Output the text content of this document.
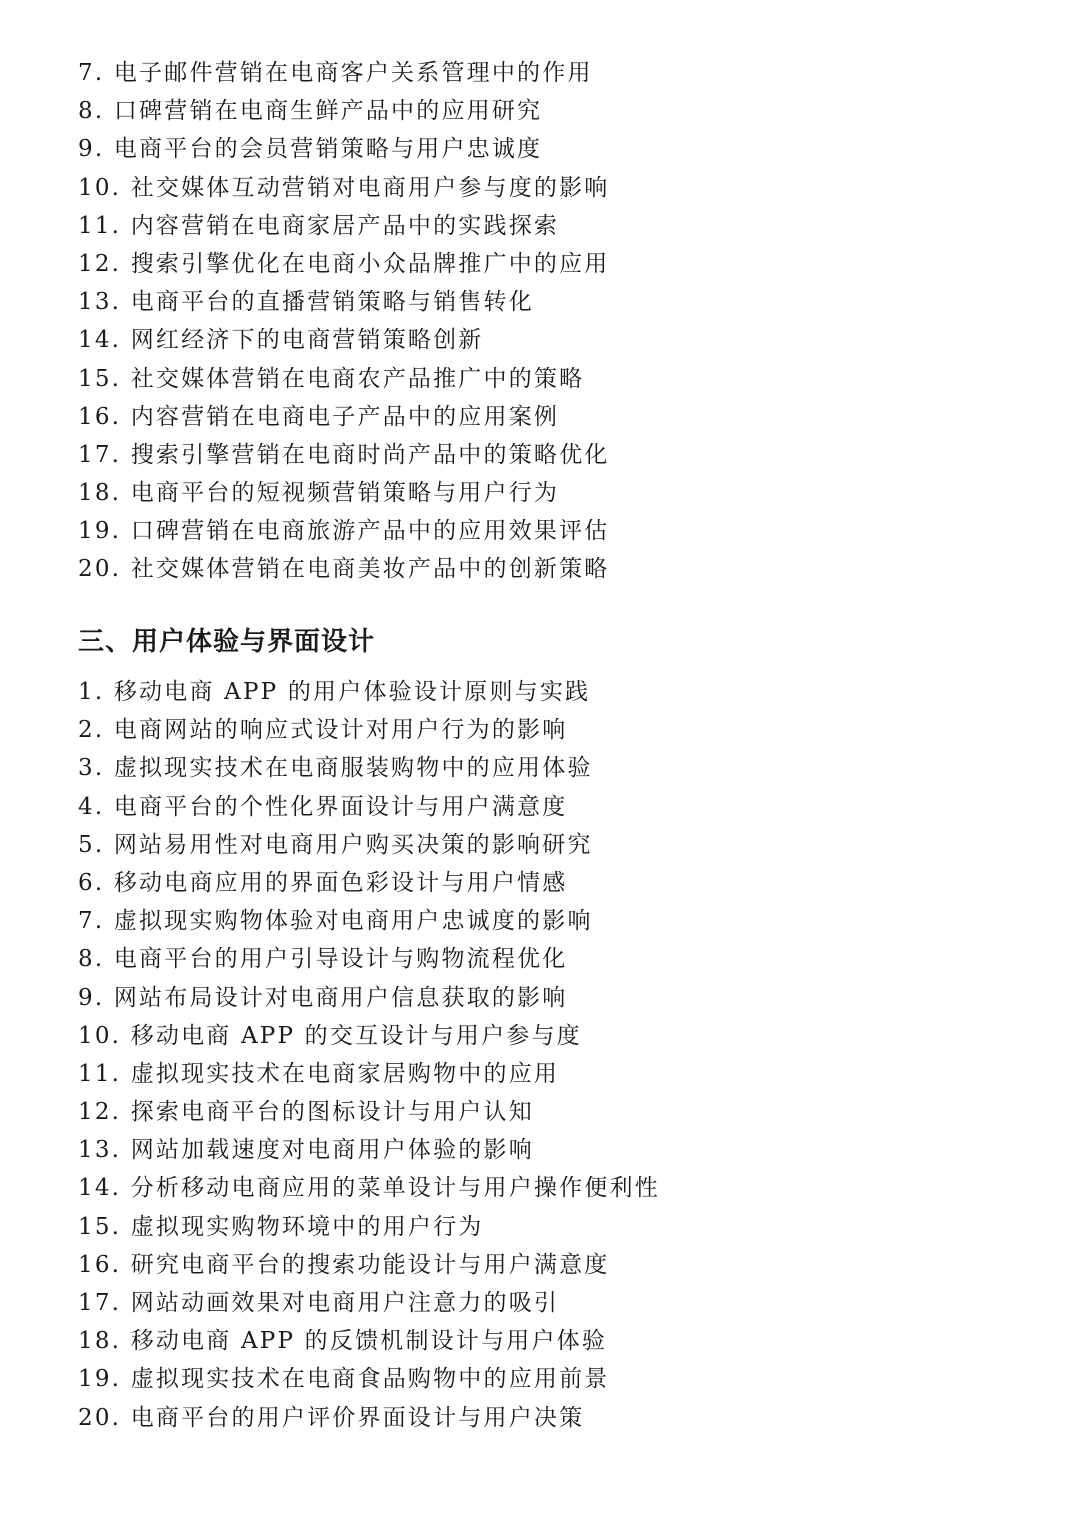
7. 电子邮件营销在电商客户关系管理中的作用
8. 口碑营销在电商生鲜产品中的应用研究
9. 电商平台的会员营销策略与用户忠诚度
10. 社交媒体互动营销对电商用户参与度的影响
11. 内容营销在电商家居产品中的实践探索
12. 搜索引擎优化在电商小众品牌推广中的应用
13. 电商平台的直播营销策略与销售转化
14. 网红经济下的电商营销策略创新
15. 社交媒体营销在电商农产品推广中的策略
16. 内容营销在电商电子产品中的应用案例
17. 搜索引擎营销在电商时尚产品中的策略优化
18. 电商平台的短视频营销策略与用户行为
19. 口碑营销在电商旅游产品中的应用效果评估
20. 社交媒体营销在电商美妆产品中的创新策略
三、用户体验与界面设计
1. 移动电商 APP 的用户体验设计原则与实践
2. 电商网站的响应式设计对用户行为的影响
3. 虚拟现实技术在电商服装购物中的应用体验
4. 电商平台的个性化界面设计与用户满意度
5. 网站易用性对电商用户购买决策的影响研究
6. 移动电商应用的界面色彩设计与用户情感
7. 虚拟现实购物体验对电商用户忠诚度的影响
8. 电商平台的用户引导设计与购物流程优化
9. 网站布局设计对电商用户信息获取的影响
10. 移动电商 APP 的交互设计与用户参与度
11. 虚拟现实技术在电商家居购物中的应用
12. 探索电商平台的图标设计与用户认知
13. 网站加载速度对电商用户体验的影响
14. 分析移动电商应用的菜单设计与用户操作便利性
15. 虚拟现实购物环境中的用户行为
16. 研究电商平台的搜索功能设计与用户满意度
17. 网站动画效果对电商用户注意力的吸引
18. 移动电商 APP 的反馈机制设计与用户体验
19. 虚拟现实技术在电商食品购物中的应用前景
20. 电商平台的用户评价界面设计与用户决策
